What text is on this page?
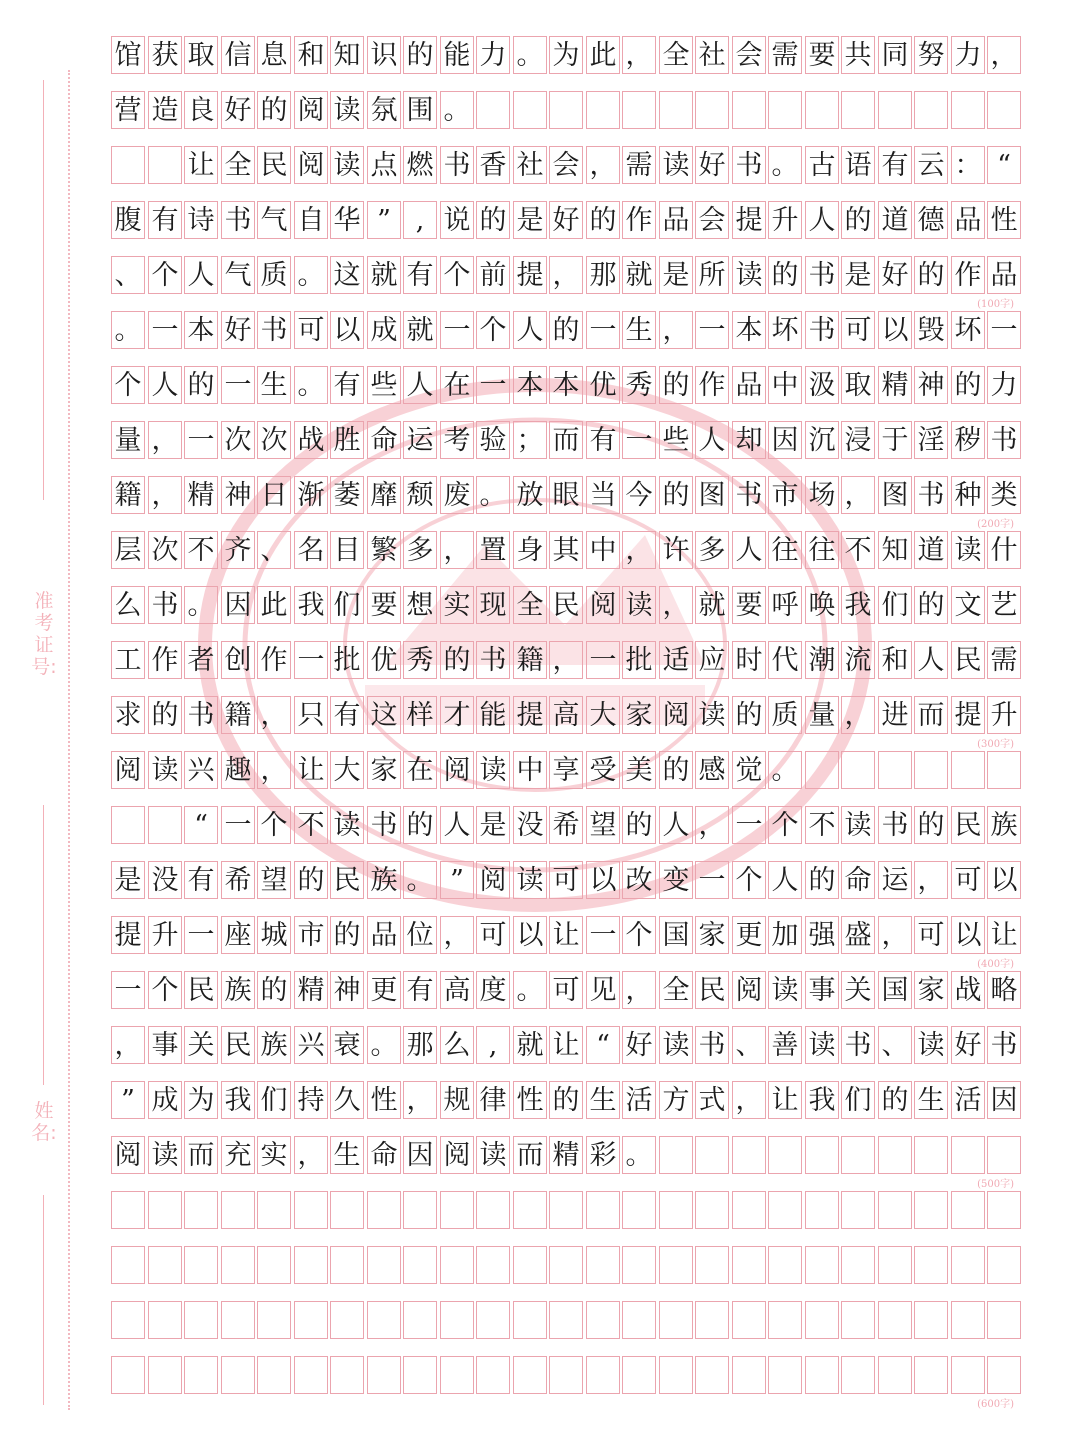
准考证号:
姓名:
馆 获 取 信 息 和 知 识 的 能 力 。 为 此 ， 全 社 会 需 要 共 同 努 力 ，
营 造 良 好 的 阅 读 氛 围 。
让 全 民 阅 读 点 燃 书 香 社 会 ， 需 读 好 书 。 古 语 有 云 ： “
腹 有 诗 书 气 自 华 ” , 说 的 是 好 的 作 品 会 提 升 人 的 道 德 品 性
、 个 人 气 质 。 这 就 有 个 前 提 ， 那 就 是 所 读 的 书 是 好 的 作 品
。 一 本 好 书 可 以 成 就 一 个 人 的 一 生 ， 一 本 坏 书 可 以 毁 坏 一
个 人 的 一 生 。 有 些 人 在 一 本 本 优 秀 的 作 品 中 汲 取 精 神 的 力
量 ， 一 次 次 战 胜 命 运 考 验 ； 而 有 一 些 人 却 因 沉 浸 于 淫 秽 书
籍 ， 精 神 日 渐 萎 靡 颓 废 。 放 眼 当 今 的 图 书 市 场 ， 图 书 种 类
层 次 不 齐 、 名 目 繁 多 ， 置 身 其 中 ， 许 多 人 往 往 不 知 道 读 什
么 书 。 因 此 我 们 要 想 实 现 全 民 阅 读 ， 就 要 呼 唤 我 们 的 文 艺
工 作 者 创 作 一 批 优 秀 的 书 籍 ， 一 批 适 应 时 代 潮 流 和 人 民 需
求 的 书 籍 ， 只 有 这 样 才 能 提 高 大 家 阅 读 的 质 量 ， 进 而 提 升
阅 读 兴 趣 ， 让 大 家 在 阅 读 中 享 受 美 的 感 觉 。
“ 一 个 不 读 书 的 人 是 没 希 望 的 人 ， 一 个 不 读 书 的 民 族
是 没 有 希 望 的 民 族 。 ” 阅 读 可 以 改 变 一 个 人 的 命 运 ， 可 以
提 升 一 座 城 市 的 品 位 ， 可 以 让 一 个 国 家 更 加 强 盛 ， 可 以 让
一 个 民 族 的 精 神 更 有 高 度 。 可 见 ， 全 民 阅 读 事 关 国 家 战 略
， 事 关 民 族 兴 衰 。 那 么 , 就 让 “ 好 读 书 、 善 读 书 、 读 好 书
” 成 为 我 们 持 久 性 ， 规 律 性 的 生 活 方 式 ， 让 我 们 的 生 活 因
阅 读 而 充 实 ， 生 命 因 阅 读 而 精 彩 。
(100字)
(200字)
(300字)
(400字)
(500字)
(600字)
